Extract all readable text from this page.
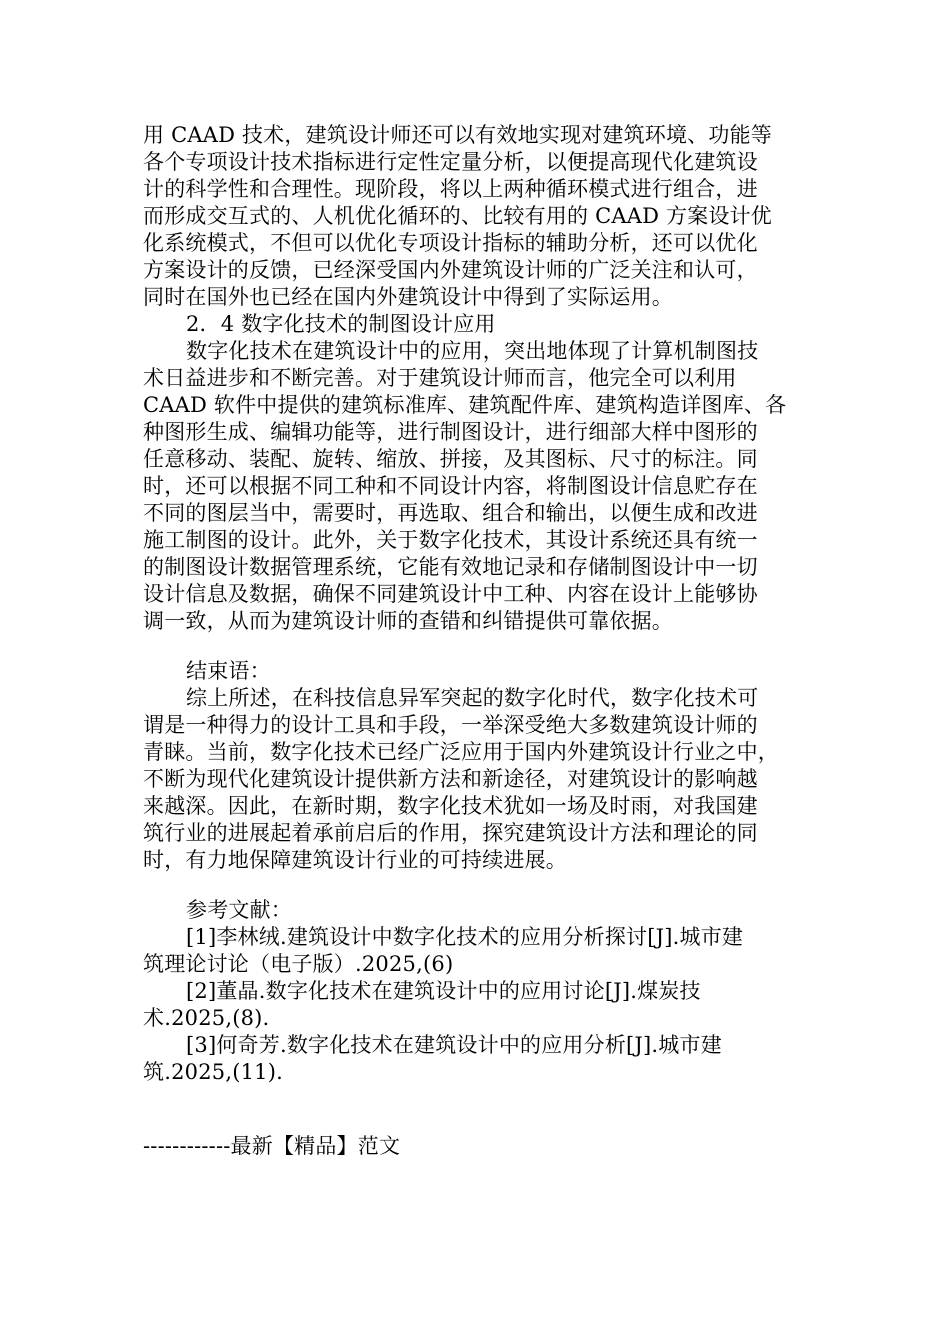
用 CAAD 技术，建筑设计师还可以有效地实现对建筑环境、功能等
各个专项设计技术指标进行定性定量分析，以便提高现代化建筑设
计的科学性和合理性。现阶段，将以上两种循环模式进行组合，进
而形成交互式的、人机优化循环的、比较有用的 CAAD 方案设计优
化系统模式，不但可以优化专项设计指标的辅助分析，还可以优化
方案设计的反馈，已经深受国内外建筑设计师的广泛关注和认可，
同时在国外也已经在国内外建筑设计中得到了实际运用。
2．4 数字化技术的制图设计应用
数字化技术在建筑设计中的应用，突出地体现了计算机制图技
术日益进步和不断完善。对于建筑设计师而言，他完全可以利用
CAAD 软件中提供的建筑标准库、建筑配件库、建筑构造详图库、各
种图形生成、编辑功能等，进行制图设计，进行细部大样中图形的
任意移动、装配、旋转、缩放、拼接，及其图标、尺寸的标注。同
时，还可以根据不同工种和不同设计内容，将制图设计信息贮存在
不同的图层当中，需要时，再选取、组合和输出，以便生成和改进
施工制图的设计。此外，关于数字化技术，其设计系统还具有统一
的制图设计数据管理系统，它能有效地记录和存储制图设计中一切
设计信息及数据，确保不同建筑设计中工种、内容在设计上能够协
调一致，从而为建筑设计师的查错和纠错提供可靠依据。
结束语：
综上所述，在科技信息异军突起的数字化时代，数字化技术可
谓是一种得力的设计工具和手段，一举深受绝大多数建筑设计师的
青睐。当前，数字化技术已经广泛应用于国内外建筑设计行业之中，
不断为现代化建筑设计提供新方法和新途径，对建筑设计的影响越
来越深。因此，在新时期，数字化技术犹如一场及时雨，对我国建
筑行业的进展起着承前启后的作用，探究建筑设计方法和理论的同
时，有力地保障建筑设计行业的可持续进展。
参考文献：
[1]李林绒.建筑设计中数字化技术的应用分析探讨[J].城市建
筑理论讨论（电子版）.2025,(6)
[2]董晶.数字化技术在建筑设计中的应用讨论[J].煤炭技
术.2025,(8).
[3]何奇芳.数字化技术在建筑设计中的应用分析[J].城市建
筑.2025,(11).
------------最新【精品】范文
